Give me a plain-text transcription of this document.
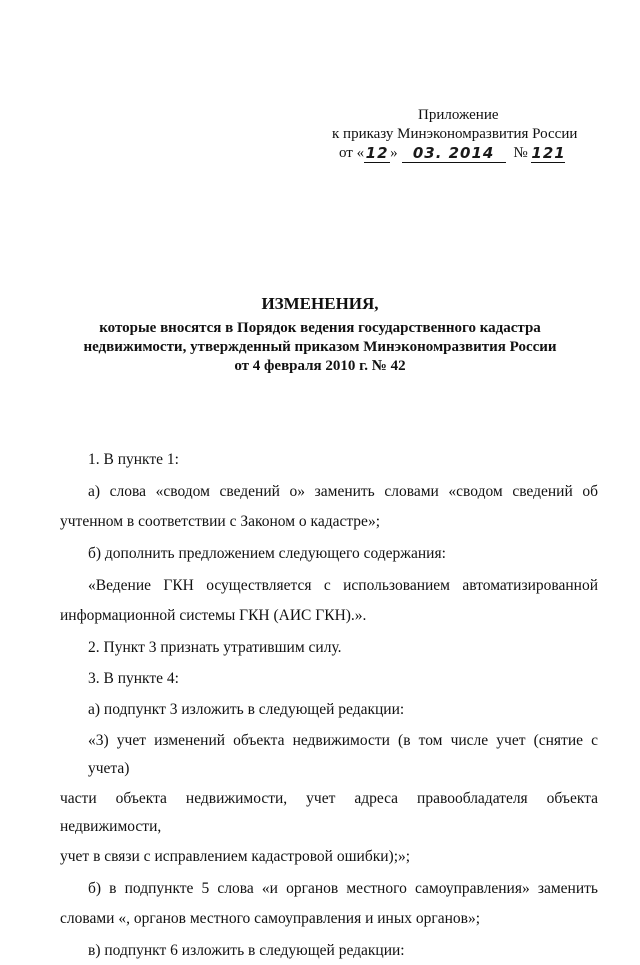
Приложение
к приказу Минэкономразвития России
от « 12 » 03. 2014 № 121
ИЗМЕНЕНИЯ,
которые вносятся в Порядок ведения государственного кадастра
недвижимости, утвержденный приказом Минэкономразвития России
от 4 февраля 2010 г. № 42
1. В пункте 1:
а) слова «сводом сведений о» заменить словами «сводом сведений об
учтенном в соответствии с Законом о кадастре»;
б) дополнить предложением следующего содержания:
«Ведение ГКН осуществляется с использованием автоматизированной
информационной системы ГКН (АИС ГКН).».
2. Пункт 3 признать утратившим силу.
3. В пункте 4:
а) подпункт 3 изложить в следующей редакции:
«3) учет изменений объекта недвижимости (в том числе учет (снятие с учета)
части объекта недвижимости, учет адреса правообладателя объекта недвижимости,
учет в связи с исправлением кадастровой ошибки);»;
б) в подпункте 5 слова «и органов местного самоуправления» заменить
словами «, органов местного самоуправления и иных органов»;
в) подпункт 6 изложить в следующей редакции:
